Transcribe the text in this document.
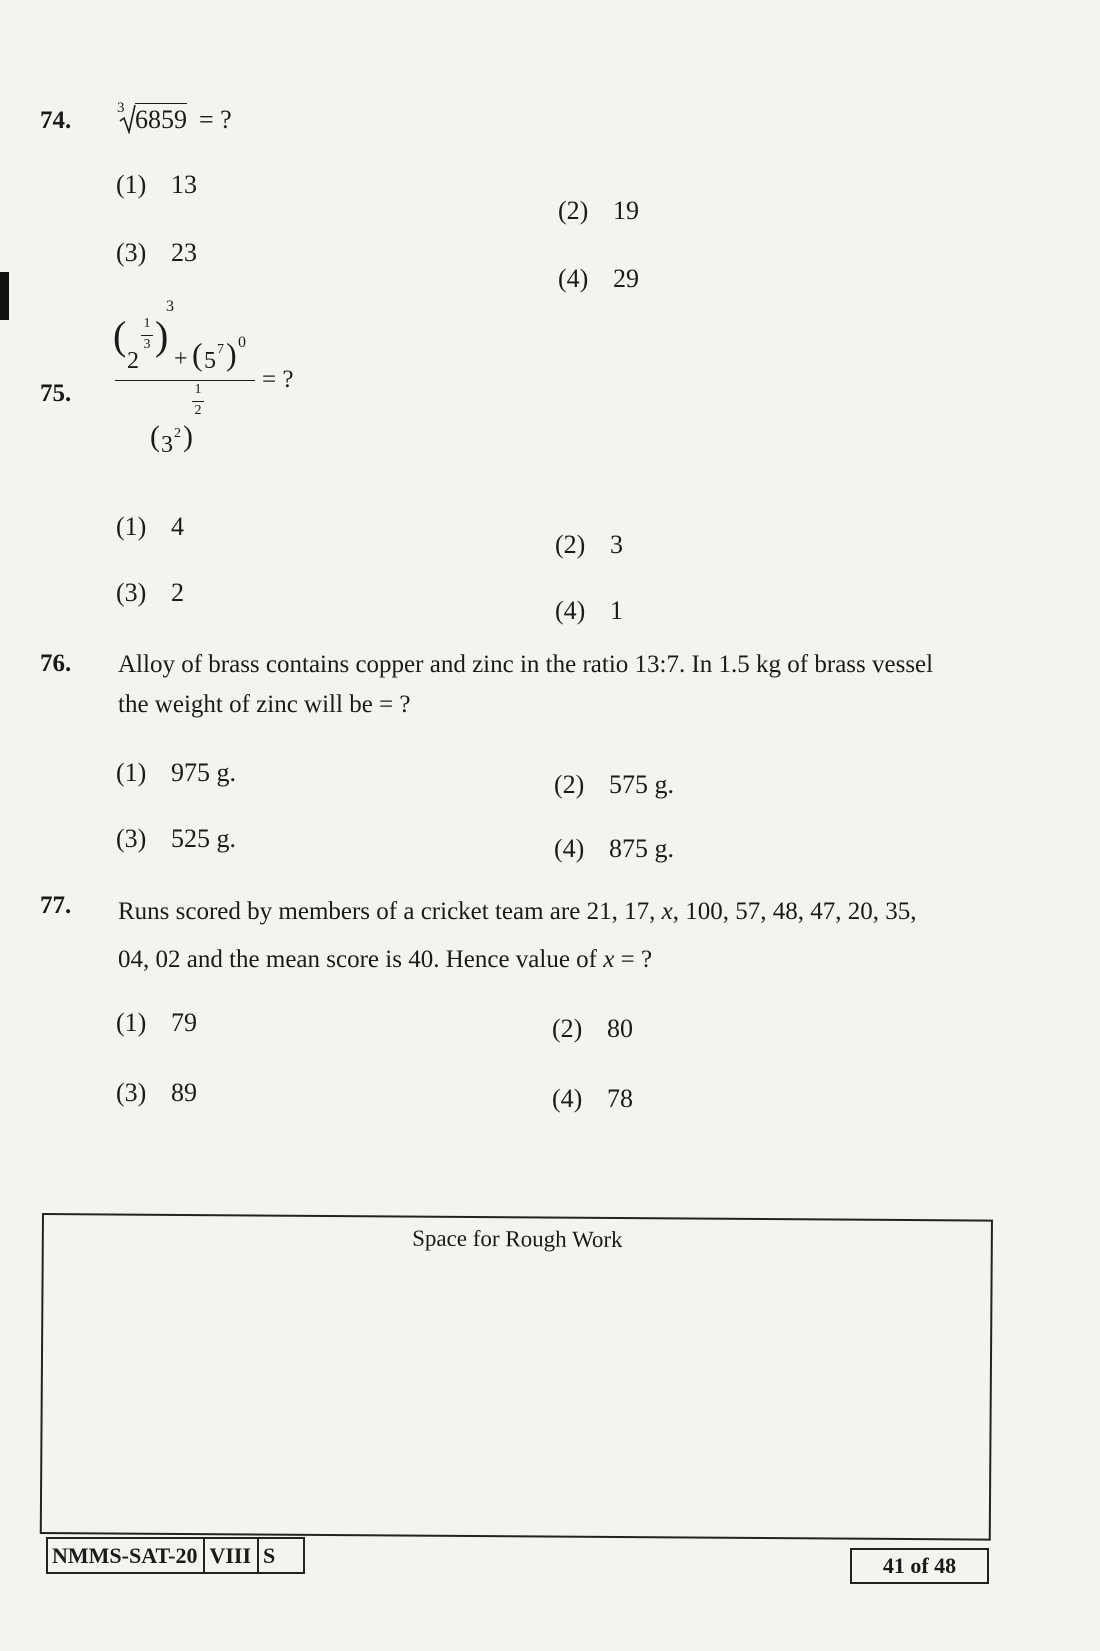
74.	3 6859 = ?
(1) 13
(2) 19
(3) 23
(4) 29
75.
(
2
1
3 )
3
+ ( 5 7 ) 0
= ?
1
2
( 3 2 )
(1) 4
(2) 3
(3) 2
(4) 1
76. Alloy of brass contains copper and zinc in the ratio 13:7. In 1.5 kg of brass vessel
the weight of zinc will be = ?
(1) 975 g.	(2) 575 g.
(3) 525 g.	(4) 875 g.
77. Runs scored by members of a cricket team are 21, 17, x, 100, 57, 48, 47, 20, 35,
04, 02 and the mean score is 40. Hence value of x = ?
(1) 79	(2) 80
(3) 89	(4) 78
Space for Rough Work
NMMS-SAT-20 VIII S	41 of 48
